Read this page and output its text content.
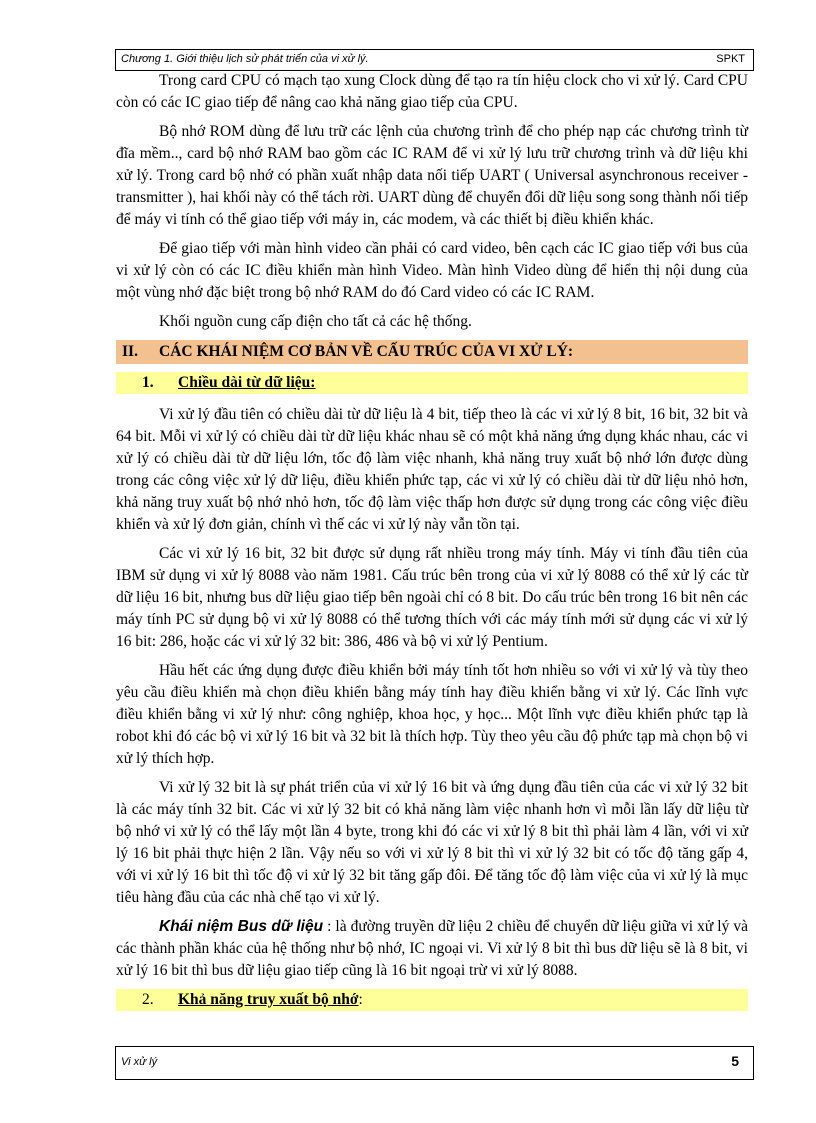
Chương 1. Giới thiệu lịch sử phát triển của vi xử lý.	SPKT

Trong card CPU có mạch tạo xung Clock dùng để tạo ra tín hiệu clock cho vi xử lý. Card CPU còn có các IC giao tiếp để nâng cao khả năng giao tiếp của CPU.

Bộ nhớ ROM dùng để lưu trữ các lệnh của chương trình để cho phép nạp các chương trình từ đĩa mềm.., card bộ nhớ RAM bao gồm các IC RAM để vi xử lý lưu trữ chương trình và dữ liệu khi xử lý. Trong card bộ nhớ có phần xuất nhập data nối tiếp UART ( Universal asynchronous receiver - transmitter ), hai khối này có thể tách rời. UART dùng để chuyển đổi dữ liệu song song thành nối tiếp để máy vi tính có thể giao tiếp với máy in, các modem, và các thiết bị điều khiển khác.

Để giao tiếp với màn hình video cần phải có card video, bên cạch các IC giao tiếp với bus của vi xử lý còn có các IC điều khiển màn hình Video. Màn hình Video dùng để hiển thị nội dung của một vùng nhớ đặc biệt trong bộ nhớ RAM do đó Card video có các IC RAM.

Khối nguồn cung cấp điện cho tất cả các hệ thống.

II. CÁC KHÁI NIỆM CƠ BẢN VỀ CẤU TRÚC CỦA VI XỬ LÝ:
1. Chiều dài từ dữ liệu:

Vi xử lý đầu tiên có chiều dài từ dữ liệu là 4 bit, tiếp theo là các vi xử lý 8 bit, 16 bit, 32 bit và 64 bit. Mỗi vi xử lý có chiều dài từ dữ liệu khác nhau sẽ có một khả năng ứng dụng khác nhau, các vi xử lý có chiều dài từ dữ liệu lớn, tốc độ làm việc nhanh, khả năng truy xuất bộ nhớ lớn được dùng trong các công việc xử lý dữ liệu, điều khiển phức tạp, các vi xử lý có chiều dài từ dữ liệu nhỏ hơn, khả năng truy xuất bộ nhớ nhỏ hơn, tốc độ làm việc thấp hơn được sử dụng trong các công việc điều khiển và xử lý đơn giản, chính vì thế các vi xử lý này vẫn tồn tại.

Các vi xử lý 16 bit, 32 bit được sử dụng rất nhiều trong máy tính. Máy vi tính đầu tiên của IBM sử dụng vi xử lý 8088 vào năm 1981. Cấu trúc bên trong của vi xử lý 8088 có thể xử lý các từ dữ liệu 16 bit, nhưng bus dữ liệu giao tiếp bên ngoài chỉ có 8 bit. Do cấu trúc bên trong 16 bit nên các máy tính PC sử dụng bộ vi xử lý 8088 có thể tương thích với các máy tính mới sử dụng các vi xử lý 16 bit: 286, hoặc các vi xử lý 32 bit: 386, 486 và bộ vi xử lý Pentium.

Hầu hết các ứng dụng được điều khiển bởi máy tính tốt hơn nhiều so với vi xử lý và tùy theo yêu cầu điều khiển mà chọn điều khiển bằng máy tính hay điều khiển bằng vi xử lý. Các lĩnh vực điều khiển bằng vi xử lý như: công nghiệp, khoa học, y học... Một lĩnh vực điều khiển phức tạp là robot khi đó các bộ vi xử lý 16 bit và 32 bit là thích hợp. Tùy theo yêu cầu độ phức tạp mà chọn bộ vi xử lý thích hợp.

Vi xử lý 32 bit là sự phát triển của vi xử lý 16 bit và ứng dụng đầu tiên của các vi xử lý 32 bit là các máy tính 32 bit. Các vi xử lý 32 bit có khả năng làm việc nhanh hơn vì mỗi lần lấy dữ liệu từ bộ nhớ vi xử lý có thể lấy một lần 4 byte, trong khi đó các vi xử lý 8 bit thì phải làm 4 lần, với vi xử lý 16 bit phải thực hiện 2 lần. Vậy nếu so với vi xử lý 8 bit thì vi xử lý 32 bit có tốc độ tăng gấp 4, với vi xử lý 16 bit thì tốc độ vi xử lý 32 bit tăng gấp đôi. Để tăng tốc độ làm việc của vi xử lý là mục tiêu hàng đầu của các nhà chế tạo vi xử lý.

Khái niệm Bus dữ liệu : là đường truyền dữ liệu 2 chiều để chuyển dữ liệu giữa vi xử lý và các thành phần khác của hệ thống như bộ nhớ, IC ngoại vi. Vi xử lý 8 bit thì bus dữ liệu sẽ là 8 bit, vi xử lý 16 bit thì bus dữ liệu giao tiếp cũng là 16 bit ngoại trừ vi xử lý 8088.

2. Khả năng truy xuất bộ nhớ:
Vi xử lý	5
